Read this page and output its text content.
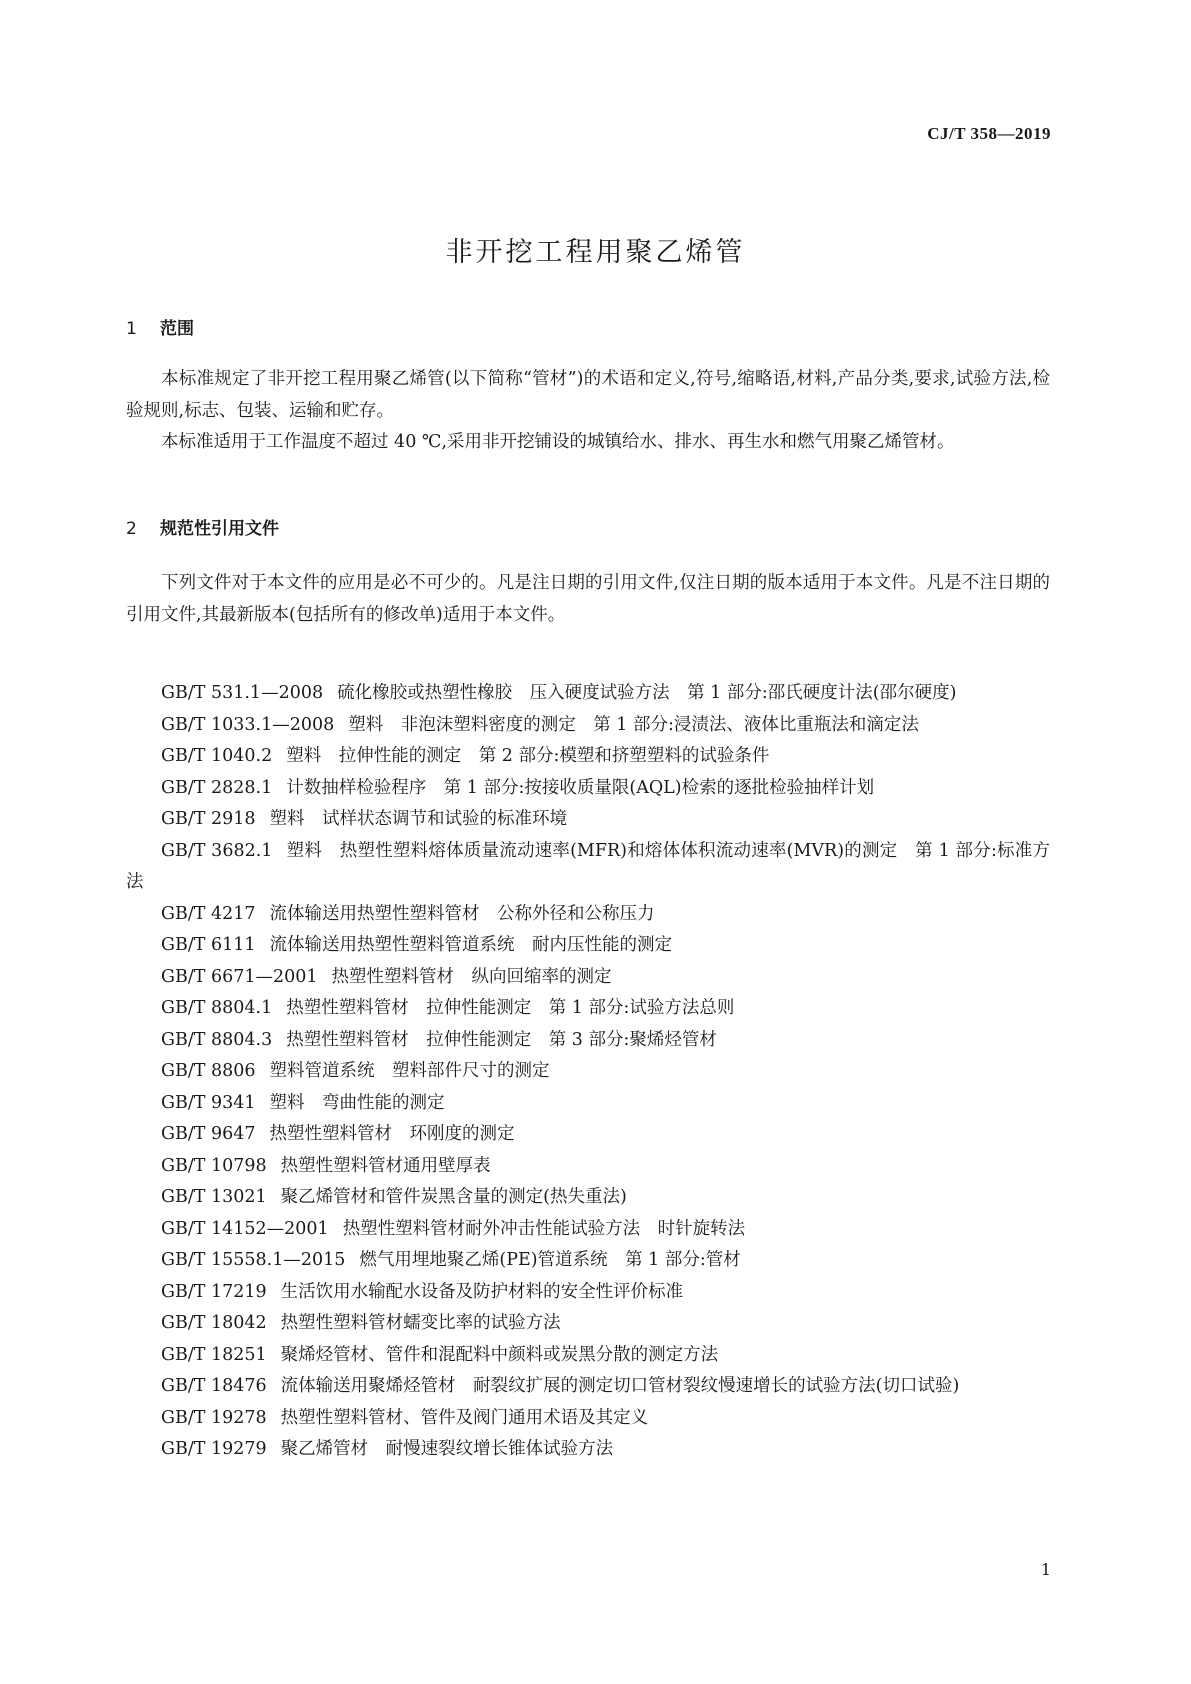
CJ/T 358—2019
非开挖工程用聚乙烯管
1 范围

本标准规定了非开挖工程用聚乙烯管(以下简称“管材”)的术语和定义,符号,缩略语,材料,产品分类,要求,试验方法,检验规则,标志、包装、运输和贮存。

本标准适用于工作温度不超过 40 ℃,采用非开挖铺设的城镇给水、排水、再生水和燃气用聚乙烯管材。

2 规范性引用文件

下列文件对于本文件的应用是必不可少的。凡是注日期的引用文件,仅注日期的版本适用于本文件。凡是不注日期的引用文件,其最新版本(包括所有的修改单)适用于本文件。

GB/T 531.1—2008 硫化橡胶或热塑性橡胶　压入硬度试验方法　第 1 部分:邵氏硬度计法(邵尔硬度)

GB/T 1033.1—2008 塑料　非泡沫塑料密度的测定　第 1 部分:浸渍法、液体比重瓶法和滴定法

GB/T 1040.2 塑料　拉伸性能的测定　第 2 部分:模塑和挤塑塑料的试验条件

GB/T 2828.1 计数抽样检验程序　第 1 部分:按接收质量限(AQL)检索的逐批检验抽样计划

GB/T 2918 塑料　试样状态调节和试验的标准环境

GB/T 3682.1 塑料　热塑性塑料熔体质量流动速率(MFR)和熔体体积流动速率(MVR)的测定　第 1 部分:标准方法

GB/T 4217 流体输送用热塑性塑料管材　公称外径和公称压力

GB/T 6111 流体输送用热塑性塑料管道系统　耐内压性能的测定

GB/T 6671—2001 热塑性塑料管材　纵向回缩率的测定

GB/T 8804.1 热塑性塑料管材　拉伸性能测定　第 1 部分:试验方法总则

GB/T 8804.3 热塑性塑料管材　拉伸性能测定　第 3 部分:聚烯烃管材

GB/T 8806 塑料管道系统　塑料部件尺寸的测定

GB/T 9341 塑料　弯曲性能的测定

GB/T 9647 热塑性塑料管材　环刚度的测定

GB/T 10798 热塑性塑料管材通用壁厚表

GB/T 13021 聚乙烯管材和管件炭黑含量的测定(热失重法)

GB/T 14152—2001 热塑性塑料管材耐外冲击性能试验方法　时针旋转法

GB/T 15558.1—2015 燃气用埋地聚乙烯(PE)管道系统　第 1 部分:管材

GB/T 17219 生活饮用水输配水设备及防护材料的安全性评价标准

GB/T 18042 热塑性塑料管材蠕变比率的试验方法

GB/T 18251 聚烯烃管材、管件和混配料中颜料或炭黑分散的测定方法

GB/T 18476 流体输送用聚烯烃管材　耐裂纹扩展的测定切口管材裂纹慢速增长的试验方法(切口试验)

GB/T 19278 热塑性塑料管材、管件及阀门通用术语及其定义

GB/T 19279 聚乙烯管材　耐慢速裂纹增长锥体试验方法

1
